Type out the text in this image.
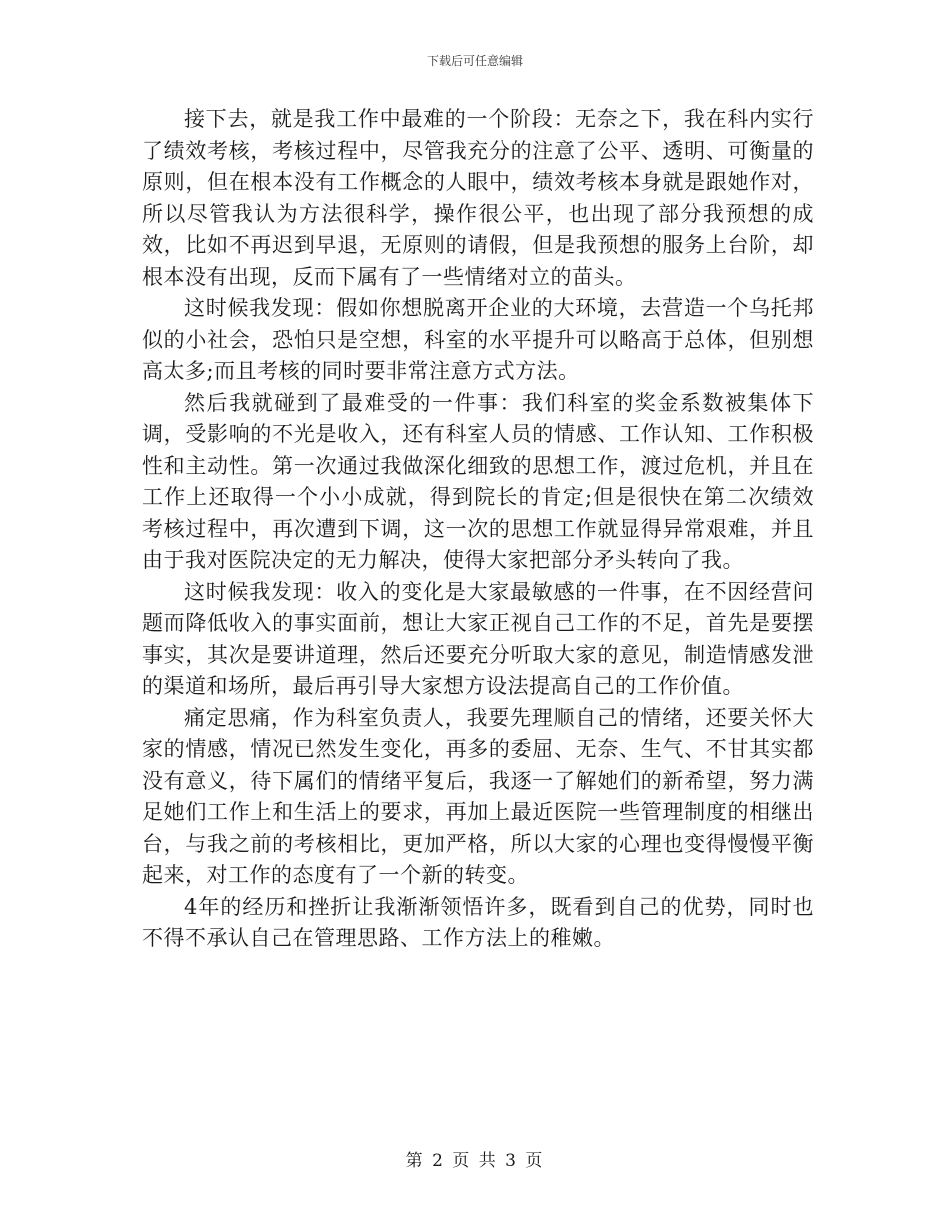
下载后可任意编辑

接下去，就是我工作中最难的一个阶段：无奈之下，我在科内实行了绩效考核，考核过程中，尽管我充分的注意了公平、透明、可衡量的原则，但在根本没有工作概念的人眼中，绩效考核本身就是跟她作对，所以尽管我认为方法很科学，操作很公平，也出现了部分我预想的成效，比如不再迟到早退，无原则的请假，但是我预想的服务上台阶，却根本没有出现，反而下属有了一些情绪对立的苗头。

这时候我发现：假如你想脱离开企业的大环境，去营造一个乌托邦似的小社会，恐怕只是空想，科室的水平提升可以略高于总体，但别想高太多;而且考核的同时要非常注意方式方法。

然后我就碰到了最难受的一件事：我们科室的奖金系数被集体下调，受影响的不光是收入，还有科室人员的情感、工作认知、工作积极性和主动性。第一次通过我做深化细致的思想工作，渡过危机，并且在工作上还取得一个小小成就，得到院长的肯定;但是很快在第二次绩效考核过程中，再次遭到下调，这一次的思想工作就显得异常艰难，并且由于我对医院决定的无力解决，使得大家把部分矛头转向了我。

这时候我发现：收入的变化是大家最敏感的一件事，在不因经营问题而降低收入的事实面前，想让大家正视自己工作的不足，首先是要摆事实，其次是要讲道理，然后还要充分听取大家的意见，制造情感发泄的渠道和场所，最后再引导大家想方设法提高自己的工作价值。

痛定思痛，作为科室负责人，我要先理顺自己的情绪，还要关怀大家的情感，情况已然发生变化，再多的委屈、无奈、生气、不甘其实都没有意义，待下属们的情绪平复后，我逐一了解她们的新希望，努力满足她们工作上和生活上的要求，再加上最近医院一些管理制度的相继出台，与我之前的考核相比，更加严格，所以大家的心理也变得慢慢平衡起来，对工作的态度有了一个新的转变。

4年的经历和挫折让我渐渐领悟许多，既看到自己的优势，同时也不得不承认自己在管理思路、工作方法上的稚嫩。

第 2 页 共 3 页
